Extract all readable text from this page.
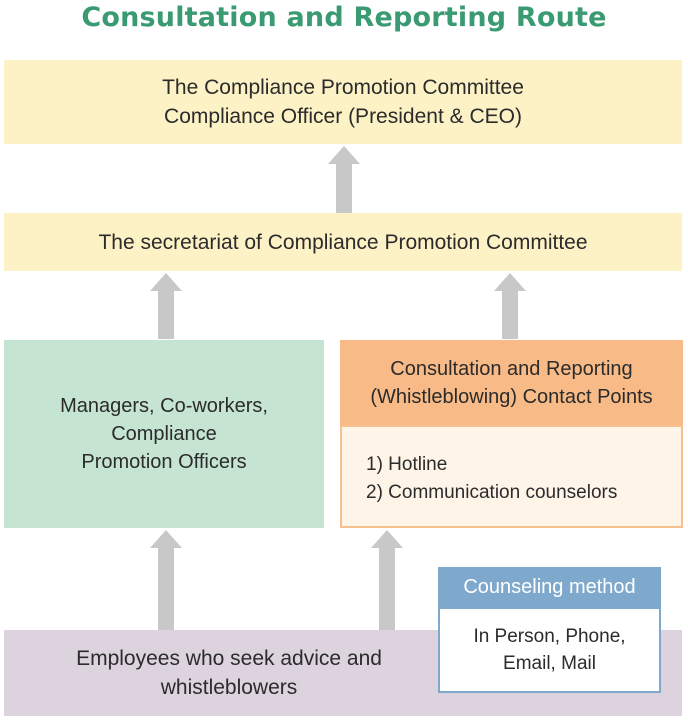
Consultation and Reporting Route
The Compliance Promotion Committee
Compliance Officer (President & CEO)
The secretariat of Compliance Promotion Committee
Managers, Co-workers,
Compliance
Promotion Officers
Consultation and Reporting
(Whistleblowing) Contact Points
1) Hotline
2) Communication counselors
Employees who seek advice and
whistleblowers
Counseling method
In Person, Phone,
Email, Mail
